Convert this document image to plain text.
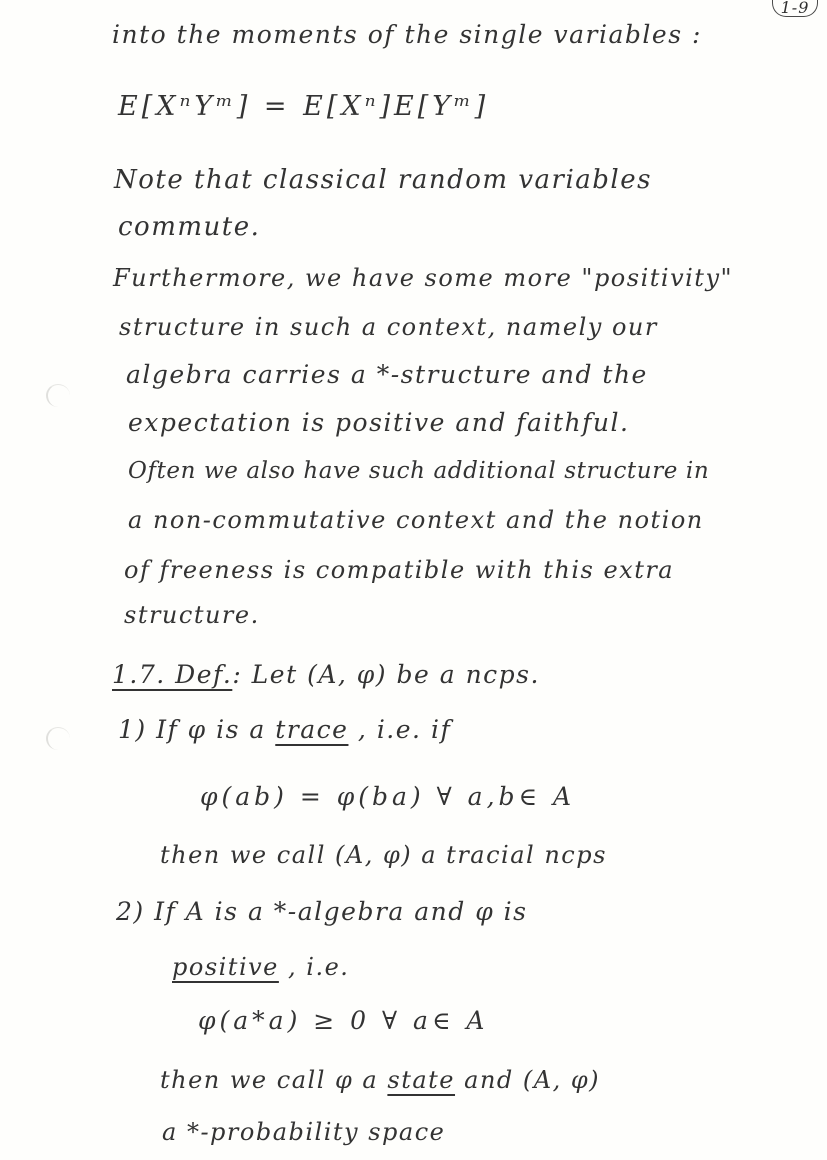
1-9
into the moments of the single variables :
E[XⁿYᵐ] = E[Xⁿ]E[Yᵐ]
Note that classical random variables
commute.
Furthermore, we have some more "positivity"
structure in such a context, namely our
algebra carries a *-structure and the
expectation is positive and faithful.
Often we also have such additional structure in
a non-commutative context and the notion
of freeness is compatible with this extra
structure.
1.7. Def.: Let (A, φ) be a ncps.
1) If φ is a trace , i.e. if
φ(ab) = φ(ba) ∀ a,b∈ A
then we call (A, φ) a tracial ncps
2) If A is a *-algebra and φ is
positive , i.e.
φ(a*a) ≥ 0 ∀ a∈ A
then we call φ a state and (A, φ)
a *-probability space
